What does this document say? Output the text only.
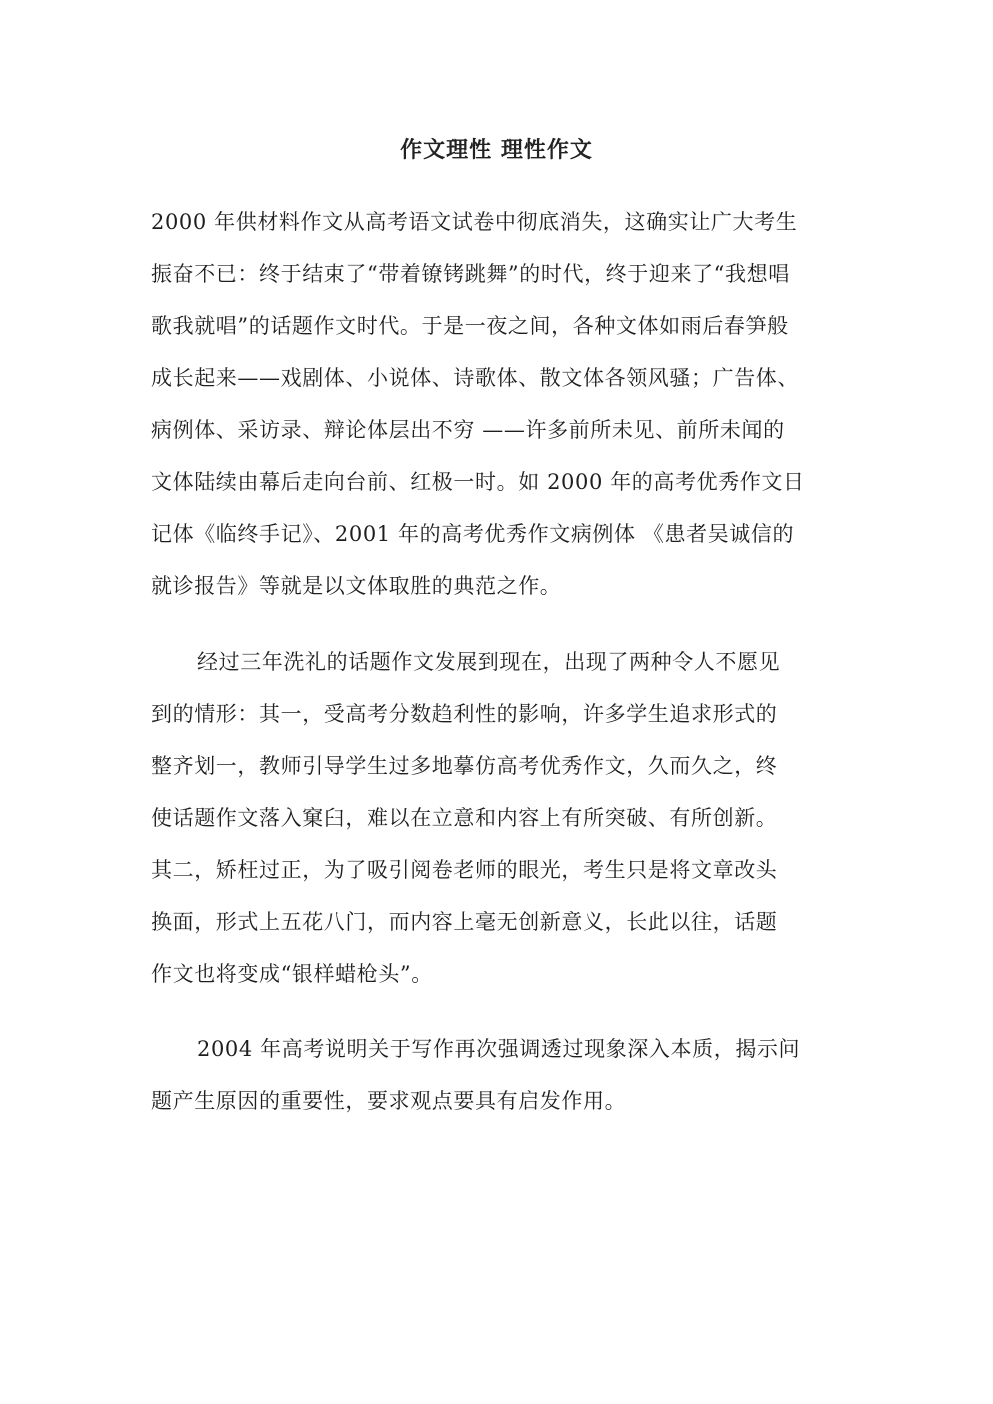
作文理性 理性作文
2000 年供材料作文从高考语文试卷中彻底消失，这确实让广大考生
振奋不已：终于结束了“带着镣铐跳舞”的时代，终于迎来了“我想唱
歌我就唱”的话题作文时代。于是一夜之间，各种文体如雨后春笋般
成长起来——戏剧体、小说体、诗歌体、散文体各领风骚；广告体、
病例体、采访录、辩论体层出不穷 ——许多前所未见、前所未闻的
文体陆续由幕后走向台前、红极一时。如 2000 年的高考优秀作文日
记体《临终手记》、2001 年的高考优秀作文病例体 《患者吴诚信的
就诊报告》等就是以文体取胜的典范之作。
经过三年洗礼的话题作文发展到现在，出现了两种令人不愿见
到的情形：其一，受高考分数趋利性的影响，许多学生追求形式的
整齐划一，教师引导学生过多地摹仿高考优秀作文，久而久之，终
使话题作文落入窠臼，难以在立意和内容上有所突破、有所创新。
其二，矫枉过正，为了吸引阅卷老师的眼光，考生只是将文章改头
换面，形式上五花八门，而内容上毫无创新意义，长此以往，话题
作文也将变成“银样蜡枪头”。
2004 年高考说明关于写作再次强调透过现象深入本质，揭示问
题产生原因的重要性，要求观点要具有启发作用。
